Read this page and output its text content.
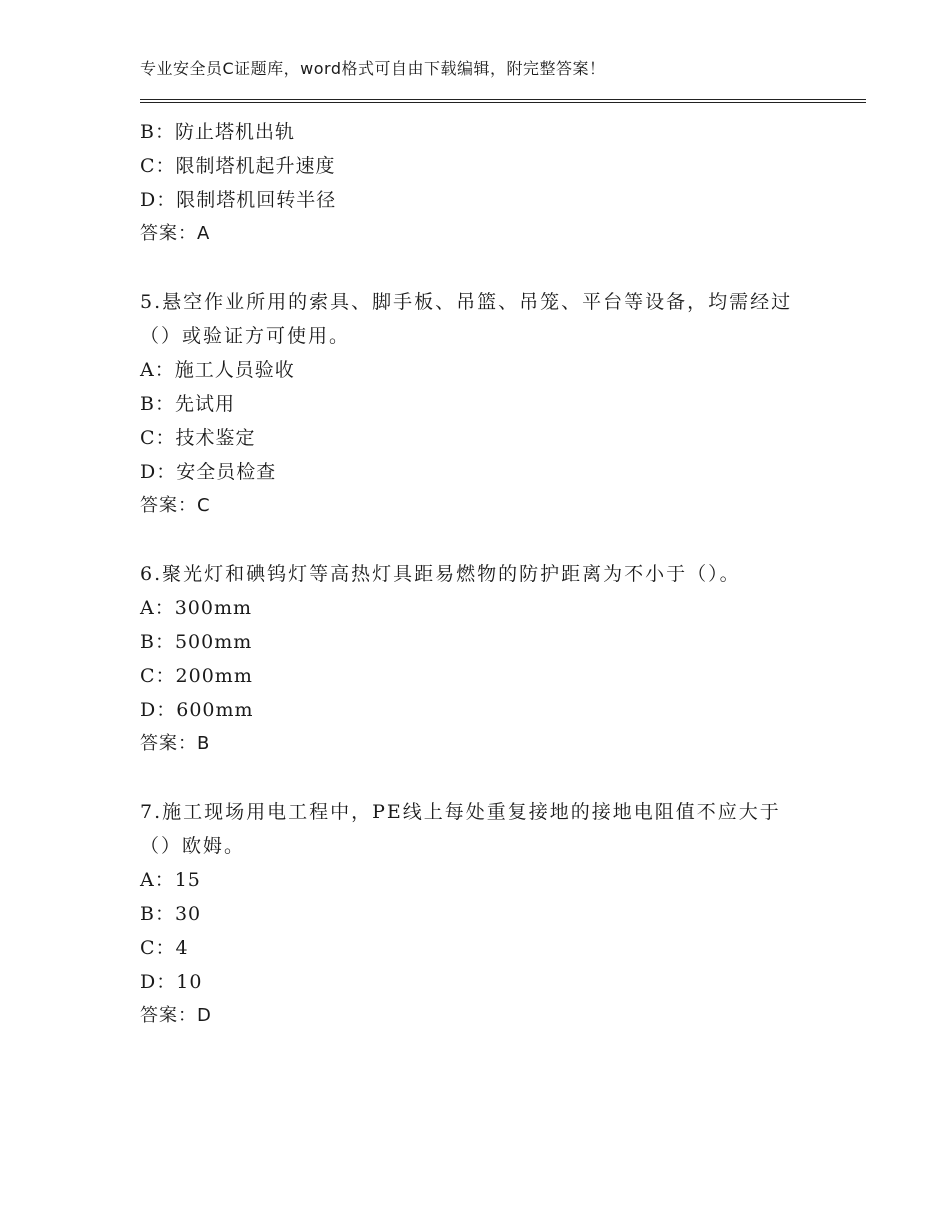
专业安全员C证题库，word格式可自由下载编辑，附完整答案！
B：防止塔机出轨
C：限制塔机起升速度
D：限制塔机回转半径
答案：A
5.悬空作业所用的索具、脚手板、吊篮、吊笼、平台等设备，均需经过（）或验证方可使用。
A：施工人员验收
B：先试用
C：技术鉴定
D：安全员检查
答案：C
6.聚光灯和碘钨灯等高热灯具距易燃物的防护距离为不小于（）。
A：300mm
B：500mm
C：200mm
D：600mm
答案：B
7.施工现场用电工程中，PE线上每处重复接地的接地电阻值不应大于（）欧姆。
A：15
B：30
C：4
D：10
答案：D
